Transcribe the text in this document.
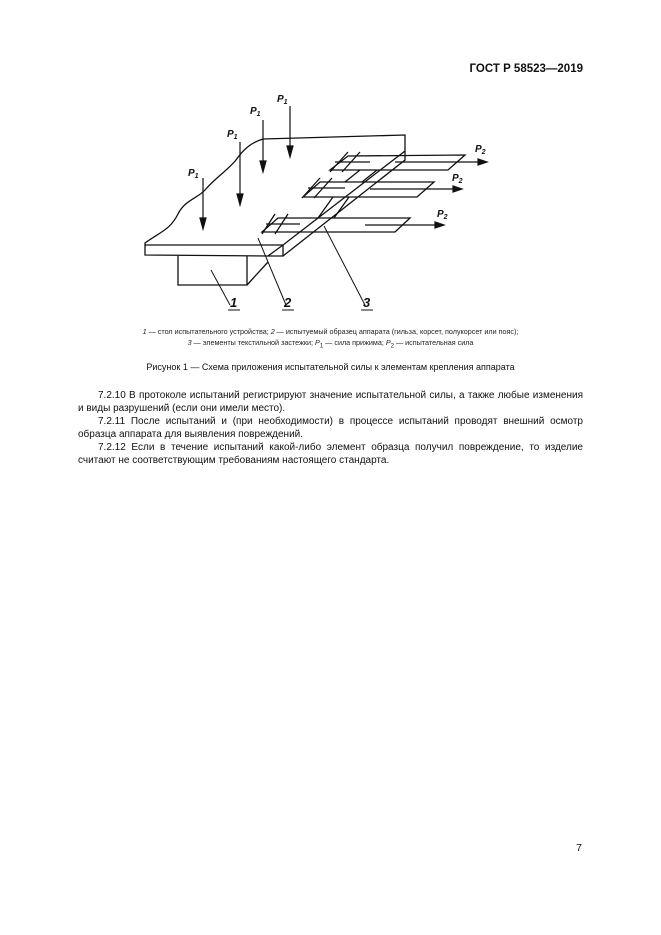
ГОСТ Р 58523—2019
$P_1$
$P_1$
$P_1$
$P_1$
$P_2$
$P_2$
$P_2$
1	2	3
1 — стол испытательного устройства; 2 — испытуемый образец аппарата (гильза, корсет, полукорсет или пояс);
3 — элементы текстильной застежки; $P_1$ — сила прижима; $P_2$ — испытательная сила
Рисунок 1 — Схема приложения испытательной силы к элементам крепления аппарата

7.2.10 В протоколе испытаний регистрируют значение испытательной силы, а также любые изменения и виды разрушений (если они имели место).

7.2.11 После испытаний и (при необходимости) в процессе испытаний проводят внешний осмотр образца аппарата для выявления повреждений.

7.2.12 Если в течение испытаний какой-либо элемент образца получил повреждение, то изделие считают не соответствующим требованиям настоящего стандарта.

7
